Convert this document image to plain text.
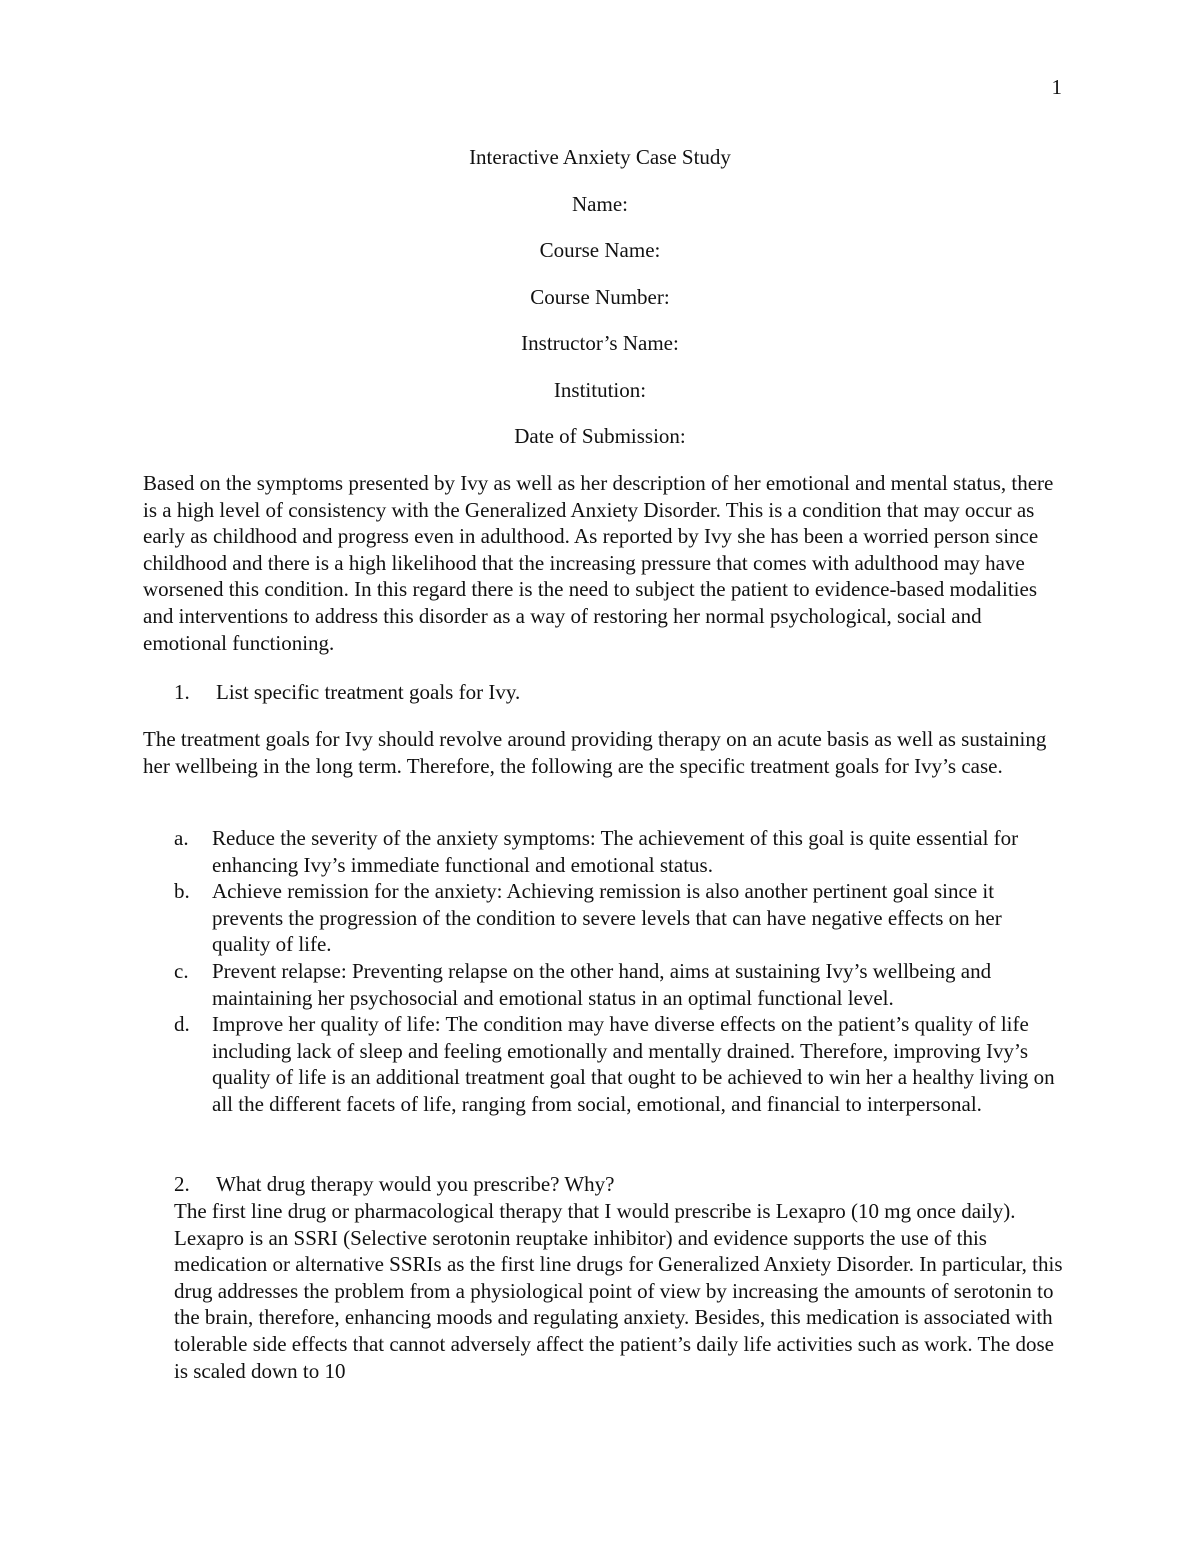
1
Interactive Anxiety Case Study
Name:
Course Name:
Course Number:
Instructor’s Name:
Institution:
Date of Submission:

Based on the symptoms presented by Ivy as well as her description of her emotional and mental status, there is a high level of consistency with the Generalized Anxiety Disorder. This is a condition that may occur as early as childhood and progress even in adulthood. As reported by Ivy she has been a worried person since childhood and there is a high likelihood that the increasing pressure that comes with adulthood may have worsened this condition. In this regard there is the need to subject the patient to evidence-based modalities and interventions to address this disorder as a way of restoring her normal psychological, social and emotional functioning.

1. List specific treatment goals for Ivy.

The treatment goals for Ivy should revolve around providing therapy on an acute basis as well as sustaining her wellbeing in the long term. Therefore, the following are the specific treatment goals for Ivy’s case.

a. Reduce the severity of the anxiety symptoms: The achievement of this goal is quite essential for enhancing Ivy’s immediate functional and emotional status.
b. Achieve remission for the anxiety: Achieving remission is also another pertinent goal since it prevents the progression of the condition to severe levels that can have negative effects on her quality of life.
c. Prevent relapse: Preventing relapse on the other hand, aims at sustaining Ivy’s wellbeing and maintaining her psychosocial and emotional status in an optimal functional level.
d. Improve her quality of life: The condition may have diverse effects on the patient’s quality of life including lack of sleep and feeling emotionally and mentally drained. Therefore, improving Ivy’s quality of life is an additional treatment goal that ought to be achieved to win her a healthy living on all the different facets of life, ranging from social, emotional, and financial to interpersonal.
2. What drug therapy would you prescribe? Why?

The first line drug or pharmacological therapy that I would prescribe is Lexapro (10 mg once daily). Lexapro is an SSRI (Selective serotonin reuptake inhibitor) and evidence supports the use of this medication or alternative SSRIs as the first line drugs for Generalized Anxiety Disorder. In particular, this drug addresses the problem from a physiological point of view by increasing the amounts of serotonin to the brain, therefore, enhancing moods and regulating anxiety. Besides, this medication is associated with tolerable side effects that cannot adversely affect the patient’s daily life activities such as work. The dose is scaled down to 10
